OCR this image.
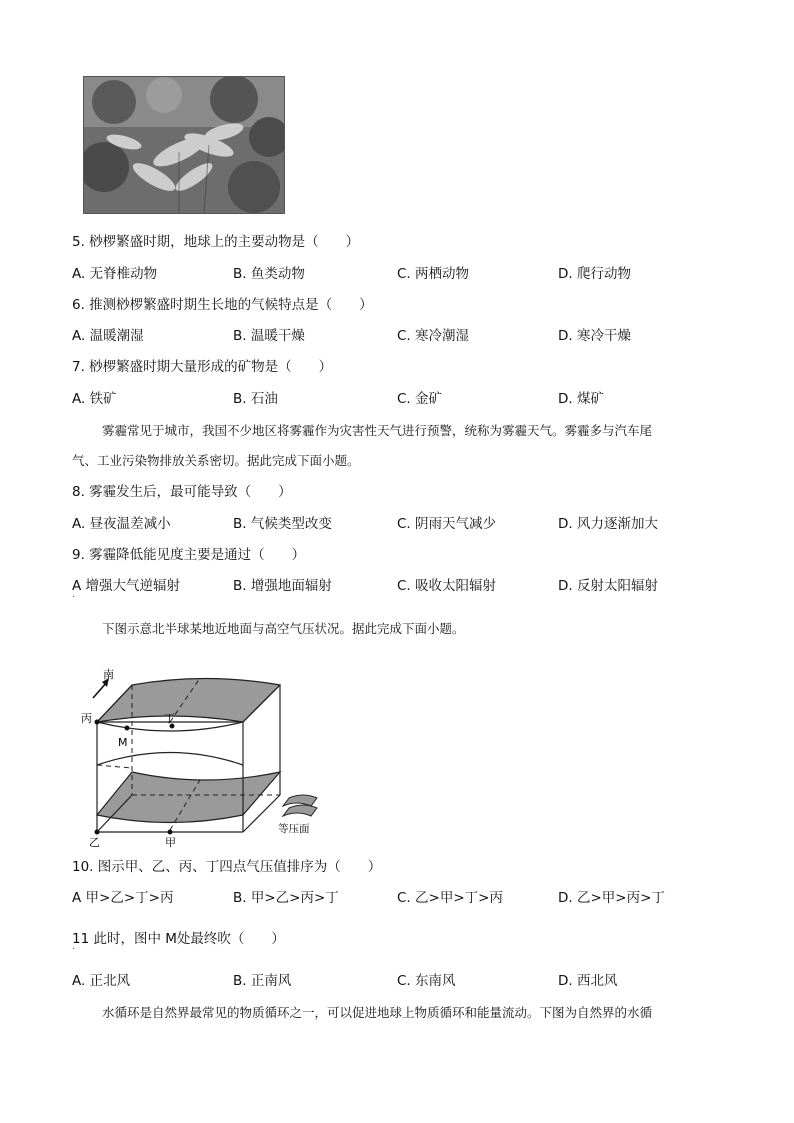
5. 桫椤繁盛时期，地球上的主要动物是（　　）
A. 无脊椎动物	B. 鱼类动物	C. 两栖动物	D. 爬行动物
6. 推测桫椤繁盛时期生长地的气候特点是（　　）
A. 温暖潮湿	B. 温暖干燥	C. 寒冷潮湿	D. 寒冷干燥
7. 桫椤繁盛时期大量形成的矿物是（　　）
A. 铁矿	B. 石油	C. 金矿	D. 煤矿
雾霾常见于城市，我国不少地区将雾霾作为灾害性天气进行预警，统称为雾霾天气。雾霾多与汽车尾
气、工业污染物排放关系密切。据此完成下面小题。
8. 雾霾发生后，最可能导致（　　）
A. 昼夜温差减小	B. 气候类型改变	C. 阴雨天气减少	D. 风力逐渐加大
9. 雾霾降低能见度主要是通过（　　）
A 增强大气逆辐射	B. 增强地面辐射	C. 吸收太阳辐射	D. 反射太阳辐射
·
下图示意北半球某地近地面与高空气压状况。据此完成下面小题。
南
丙	丁
M
乙	甲
等压面
10. 图示甲、乙、丙、丁四点气压值排序为（　　）
A 甲>乙>丁>丙	B. 甲>乙>丙>丁	C. 乙>甲>丁>丙	D. 乙>甲>丙>丁
11 此时，图中 M处最终吹（　　）
·
A. 正北风	B. 正南风	C. 东南风	D. 西北风
水循环是自然界最常见的物质循环之一，可以促进地球上物质循环和能量流动。下图为自然界的水循
